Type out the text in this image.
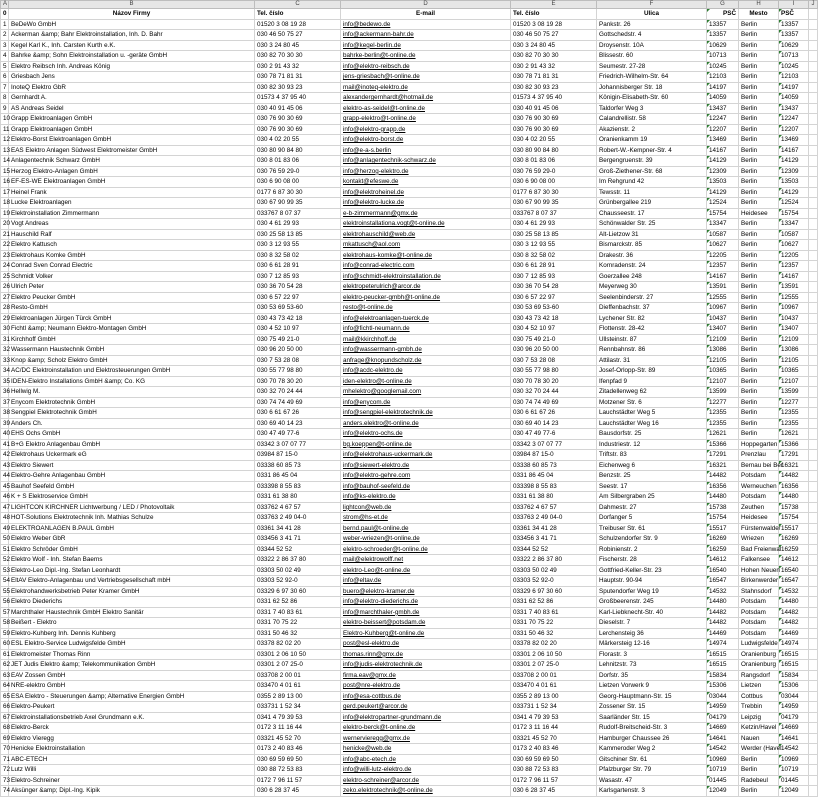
A	B	C	D	E	F	G	H	I	J
0	Názov Firmy	Tel. číslo	E-mail	Tel. číslo	Ulica	PSČ	Mesto	PSČ	
1	BeDeWo GmbH	01520 3 08 19 28	info@bedewo.de	01520 3 08 19 28	Pankstr. 26	13357	Berlin	13357	
2	Ackerman &amp; Bahr Elektroinstallation, Inh. D. Bahr	030 46 50 75 27	info@ackermann-bahr.de	030 46 50 75 27	Gottschedstr. 4	13357	Berlin	13357	
3	Kegel Karl K., Inh. Carsten Kurth e.K.	030 3 24 80 45	info@kegel-berlin.de	030 3 24 80 45	Droysenstr. 10A	10629	Berlin	10629	
4	Bahrke &amp; Sohn Elektroinstallation u. -geräte GmbH	030 82 70 30 30	bahrke-berlin@t-online.de	030 82 70 30 30	Blissestr. 60	10713	Berlin	10713	
5	Elektro Reibsch Inh. Andreas König	030 2 91 43 32	info@elektro-reibsch.de	030 2 91 43 32	Seumestr. 27-28	10245	Berlin	10245	
6	Griesbach Jens	030 78 71 81 31	jens-griesbach@t-online.de	030 78 71 81 31	Friedrich-Wilhelm-Str. 64	12103	Berlin	12103	
7	InoteQ Elektro GbR	030 82 30 93 23	mail@inoteq-elektro.de	030 82 30 93 23	Johannisberger Str. 18	14197	Berlin	14197	
8	Gernhardt A.	01573 4 37 95 40	alexandergernhardt@hotmail.de	01573 4 37 95 40	Königin-Elisabeth-Str. 60	14059	Berlin	14059	
9	AS Andreas Seidel	030 40 91 45 06	elektro-as-seidel@t-online.de	030 40 91 45 06	Taldorfer Weg 3	13437	Berlin	13437	
10	Grapp Elektroanlagen GmbH	030 76 90 30 69	grapp-elektro@t-online.de	030 76 90 30 69	Calandrellistr. 58	12247	Berlin	12247	
11	Grapp Elektroanlagen GmbH	030 76 90 30 69	info@elektro-grapp.de	030 76 90 30 69	Akazienstr. 2	12207	Berlin	12207	
12	Elektro-Borst Elektroanlagen GmbH	030 4 02 20 55	info@elektro-borst.de	030 4 02 20 55	Oranienkamm 19	13469	Berlin	13469	
13	EAS Elektro Anlagen Südwest Elektromeister GmbH	030 80 90 84 80	info@e-a-s.berlin	030 80 90 84 80	Robert-W.-Kempner-Str. 4	14167	Berlin	14167	
14	Anlagentechnik Schwarz GmbH	030 8 01 83 06	info@anlagentechnik-schwarz.de	030 8 01 83 06	Bergengruenstr. 39	14129	Berlin	14129	
15	Herzog Elektro-Anlagen GmbH	030 76 59 29-0	info@herzog-elektro.de	030 76 59 29-0	Groß-Ziethener-Str. 68	12309	Berlin	12309	
16	EF-ES-WE Elektroanlagen GmbH	030 6 90 08 00	kontakt@efeswe.de	030 6 90 08 00	Im Rehgrund 42	13503	Berlin	13503	
17	Heinel Frank	0177 6 87 30 30	info@elektroheinel.de	0177 6 87 30 30	Tewsstr. 11	14129	Berlin	14129	
18	Lucke Elektroanlagen	030 67 90 99 35	info@elektro-lucke.de	030 67 90 99 35	Grünbergallee 219	12524	Berlin	12524	
19	Elektroinstallation Zimmermann	033767 8 07 37	e-b-zimmermann@gmx.de	033767 8 07 37	Chausseestr. 17	15754	Heidesee	15754	
20	Vogt Andreas	030 4 61 29 93	elektroinstallationa.vogt@t-online.de	030 4 61 29 93	Schönwalder Str. 25	13347	Berlin	13347	
21	Hauschild Ralf	030 25 58 13 85	elektrohauschild@web.de	030 25 58 13 85	Alt-Lietzow 31	10587	Berlin	10587	
22	Elektro Kattusch	030 3 12 93 55	mkattusch@aol.com	030 3 12 93 55	Bismarckstr. 85	10627	Berlin	10627	
23	Elektrohaus Komke GmbH	030 8 32 58 02	elektrohaus-komke@t-online.de	030 8 32 58 02	Drakestr. 36	12205	Berlin	12205	
24	Conrad Sven Conrad Electric	030 6 61 28 91	info@conrad-electric.com	030 6 61 28 91	Kornradenstr. 24	12357	Berlin	12357	
25	Schmidt Volker	030 7 12 85 93	info@schmidt-elektroinstallation.de	030 7 12 85 93	Goerzallee 248	14167	Berlin	14167	
26	Ulrich Peter	030 36 70 54 28	elektropeterulrich@arcor.de	030 36 70 54 28	Meyerweg 30	13591	Berlin	13591	
27	Elektro Peucker GmbH	030 6 57 22 97	elektro-peucker-gmbh@t-online.de	030 6 57 22 97	Seelenbinderstr. 27	12555	Berlin	12555	
28	Resto-GmbH	030 53 69 53-60	resto@t-online.de	030 53 69 53-60	Dieffenbachstr. 37	10967	Berlin	10967	
29	Elektroanlagen Jürgen Türck GmbH	030 43 73 42 18	info@elektroanlagen-tuerck.de	030 43 73 42 18	Lychener Str. 82	10437	Berlin	10437	
30	Fichtl &amp; Neumann Elektro-Montagen GmbH	030 4 52 10 97	info@fichtl-neumann.de	030 4 52 10 97	Flottenstr. 28-42	13407	Berlin	13407	
31	Kirchhoff GmbH	030 75 49 21-0	mail@kkirchhoff.de	030 75 49 21-0	Ullsteinstr. 87	12109	Berlin	12109	
32	Wassermann Haustechnik GmbH	030 96 20 50 00	info@wassermann-gmbh.de	030 96 20 50 00	Rennbahnstr. 86	13086	Berlin	13086	
33	Knop &amp; Scholz Elektro GmbH	030 7 53 28 08	anfrage@knopundscholz.de	030 7 53 28 08	Attilastr. 31	12105	Berlin	12105	
34	AC/DC Elektroinstallation und Elektrosteuerungen GmbH	030 55 77 98 80	info@acdc-elektro.de	030 55 77 98 80	Josef-Orlopp-Str. 89	10365	Berlin	10365	
35	IDEN-Elektro Installations GmbH &amp; Co. KG	030 70 78 30 20	iden-elektro@t-online.de	030 70 78 30 20	Ifenpfad 9	12107	Berlin	12107	
36	Hellwig M.	030 32 70 24 44	mhelektro@googlemail.com	030 32 70 24 44	Zitadellenweg 62	13599	Berlin	13599	
37	Enycom Elektrotechnik GmbH	030 74 74 49 69	info@enycom.de	030 74 74 49 69	Motzener Str. 6	12277	Berlin	12277	
38	Sengpiel Elektrotechnik GmbH	030 6 61 67 26	info@sengpiel-elektrotechnik.de	030 6 61 67 26	Lauchstädter Weg 5	12355	Berlin	12355	
39	Anders Ch.	030 69 40 14 23	anders.elektro@t-online.de	030 69 40 14 23	Lauchstädter Weg 16	12355	Berlin	12355	
40	EHS Ochs GmbH	030 47 49 77-6	info@elektro-ochs.de	030 47 49 77-6	Bausdorfstr. 25	12621	Berlin	12621	
41	B+G Elektro Anlagenbau GmbH	03342 3 07 07 77	bg.koeppen@t-online.de	03342 3 07 07 77	Industriestr. 12	15366	Hoppegarten	15366	
42	Elektrohaus Uckermark eG	03984 87 15-0	info@elektrohaus-uckermark.de	03984 87 15-0	Triftstr. 83	17291	Prenzlau	17291	
43	Elektro Siewert	03338 60 85 73	info@siewert-elektro.de	03338 60 85 73	Eichenweg 6	16321	Bernau bei Ber	16321	
44	Elektro-Gehre Anlagenbau GmbH	0331 86 45 04	info@elektro-gehre.com	0331 86 45 04	Benzstr. 25	14482	Potsdam	14482	
45	Bauhof Seefeld GmbH	033398 8 55 83	info@bauhof-seefeld.de	033398 8 55 83	Seestr. 17	16356	Werneuchen	16356	
46	K + S Elektroservice GmbH	0331 61 38 80	info@ks-elektro.de	0331 61 38 80	Am Silbergraben 25	14480	Potsdam	14480	
47	LIGHTCON KIRCHNER Lichtwerbung / LED / Photovoltaik	033762 4 67 57	lightcon@web.de	033762 4 67 57	Dahmestr. 27	15738	Zeuthen	15738	
48	HOT-Solutions Elektrotechnik Inh. Mathias Schulze	033763 2 49 04-0	strom@hs-et.de	033763 2 49 04-0	Dorfanger 5	15754	Heidesee	15754	
49	ELEKTROANLAGEN B.PAUL GmbH	03361 34 41 28	bernd.paul@t-online.de	03361 34 41 28	Treibuser Str. 61	15517	Fürstenwalde/	15517	
50	Elektro Weber GbR	033456 3 41 71	weber-wriezen@t-online.de	033456 3 41 71	Schulzendorfer Str. 9	16269	Wriezen	16269	
51	Elektro Schröder GmbH	03344 52 52	elektro-schroeder@t-online.de	03344 52 52	Robinienstr. 2	16259	Bad Freienwal	16259	
52	Elektro Wolf - Inh. Stefan Baerns	03322 2 86 37 80	mail@elektrowolff.net	03322 2 86 37 80	Fischerstr. 28	14612	Falkensee	14612	
53	Elektro-Leo Dipl.-Ing. Stefan Leonhardt	03303 50 02 49	elektro-Leo@t-online.de	03303 50 02 49	Gottfried-Keller-Str. 23	16540	Hohen Neuen	16540	
54	EltAV Elektro-Anlagenbau und Vertriebsgesellschaft mbH	03303 52 92-0	info@eltav.de	03303 52 92-0	Hauptstr. 90-94	16547	Birkenwerder	16547	
55	Elektrohandwerksbetrieb Peter Kramer GmbH	03329 6 97 30 60	buero@elektro-kramer.de	03329 6 97 30 60	Sputendorfer Weg 19	14532	Stahnsdorf	14532	
56	Elektro Diederichs	0331 62 52 86	info@elektro-diederichs.de	0331 62 52 86	Großbeerenstr. 245	14480	Potsdam	14480	
57	Marchthaler Haustechnik GmbH Elektro Sanitär	0331 7 40 83 61	info@marchthaler-gmbh.de	0331 7 40 83 61	Karl-Liebknecht-Str. 40	14482	Potsdam	14482	
58	Beißert - Elektro	0331 70 75 22	elektro-beissert@potsdam.de	0331 70 75 22	Dieselstr. 7	14482	Potsdam	14482	
59	Elektro-Kuhberg Inh. Dennis Kuhberg	0331 50 46 32	Elektro-Kuhberg@t-online.de	0331 50 46 32	Lerchensteig 36	14469	Potsdam	14469	
60	ESL Elektro-Service Ludwigsfelde GmbH	03378 82 02 20	post@esl-elektro.de	03378 82 02 20	Märkersteig 12-16	14974	Ludwigsfelde	14974	
61	Elektromeister Thomas Rinn	03301 2 06 10 50	thomas.rinn@gmx.de	03301 2 06 10 50	Florastr. 3	16515	Oranienburg	16515	
62	JET Judis Elektro &amp; Telekommunikation GmbH	03301 2 07 25-0	info@judis-elektrotechnik.de	03301 2 07 25-0	Lehnitzstr. 73	16515	Oranienburg	16515	
63	EAV Zossen GmbH	033708 2 00 01	firma.eav@gmx.de	033708 2 00 01	Dorfstr. 35	15834	Rangsdorf	15834	
64	NRE-elektro GmbH	033470 4 01 61	post@nre-elektro.de	033470 4 01 61	Lietzen Vorwerk 9	15306	Lietzen	15306	
65	ESA Elektro - Steuerungen &amp; Alternative Energien GmbH	0355 2 89 13 00	info@esa-cottbus.de	0355 2 89 13 00	Georg-Hauptmann-Str. 15	03044	Cottbus	03044	
66	Elektro-Peukert	033731 1 52 34	gerd.peukert@arcor.de	033731 1 52 34	Zossener Str. 15	14959	Trebbin	14959	
67	Elektroinstallationsbetrieb Axel Grundmann e.K.	0341 4 79 39 53	info@elektropartner-grundmann.de	0341 4 79 39 53	Saarländer Str. 15	04179	Leipzig	04179	
68	Elektro-Berck	0172 3 11 16 44	elektro-berck@t-online.de	0172 3 11 16 44	Rudolf-Breitscheid-Str. 3	14669	Ketzin/Havel	14669	
69	Elektro Vieregg	03321 45 52 70	wernervieregg@gmx.de	03321 45 52 70	Hamburger Chaussee 26	14641	Nauen	14641	
70	Henicke Elektroinstallation	0173 2 40 83 46	henicke@web.de	0173 2 40 83 46	Kammeroder Weg 2	14542	Werder (Havel	14542	
71	ABC-ETECH	030 69 59 69 50	info@abc-etech.de	030 69 59 69 50	Gitschiner Str. 61	10969	Berlin	10969	
72	Lutz Willi	030 88 72 53 83	info@willi-lutz-elektro.de	030 88 72 53 83	Pfalzburger Str. 79	10719	Berlin	10719	
73	Elektro-Schreiner	0172 7 96 11 57	elektro-schreiner@arcor.de	0172 7 96 11 57	Wasastr. 47	01445	Radebeul	01445	
74	Aksünger &amp; Dipl.-Ing. Kipik	030 6 28 37 45	zeko.elektrotechnik@t-online.de	030 6 28 37 45	Karlsgartenstr. 3	12049	Berlin	12049	
